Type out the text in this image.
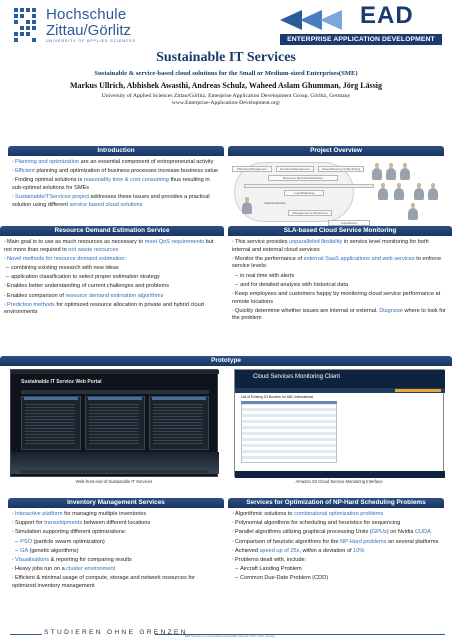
Hochschule
Zittau/Görlitz
UNIVERSITY OF APPLIED SCIENCES
EAD
ENTERPRISE APPLICATION DEVELOPMENT
Sustainable IT Services
Sustainable & service-based cloud solutions for the Small or Medium-sized Enterprises(SME)
Markus Ullrich, Abhishek Awasthi, Andreas Schulz, Waheed Aslam Ghumman, Jörg Lässig
University of Applied Sciences Zittau/Görlitz, Enterprise Application Development Group, Görlitz, Germany
www.Enterprise-Application-Development.org/
Introduction

◦ Planning and optimization are an essential component of entrepreneurial activity

◦ Efficient planning and optimization of business processes increase business value

◦ Finding optimal solutions is reasonably time & cost consuming thus resulting in sub-optimal solutions for SMEs

◦ SustainableITServices project addresses these issues and provides a practical solution using different service based cloud solutions

Project Overview
Planning Management	Demand Management	Cloud Planning & Monitoring
Resource Demand Estimation
Load Balancing
Management & Monitoring
Cloud-Architecture
Interactions
Resource Demand Estimation Service

◦ Main goal is to use as much resources as necessary to meet QoS requirements but not more than required to not waste resources

◦ Novel methods for resource demand estimation:

– combining existing research with new ideas

– application classification to select proper estimation strategy

◦ Enables better understanding of current challenges and problems

◦ Enables comparison of resource demand estimation algorithms

◦ Prediction methods for optimized resource allocation in private and hybrid cloud environments

SLA-based Cloud Service Monitoring

◦ This service provides unparalleled flexibility in service level monitoring for both internal and external cloud services

◦ Monitor the performance of external SaaS applications and web services to enforce service levels:

– in real time with alerts

– and for detailed analysis with historical data

◦ Keep employees and customers happy by monitoring cloud service performance at remote locations

◦ Quickly determine whether issues are internal or external. Diagnose where to look for the problem

Prototype
Sustainable IT Service Web Portal
Web-front-end of Sustainable IT Services
Cloud Services Monitoring Client
List of Existing S3 Buckets for ABC International
Amazon S3 Cloud Service Monitoring Interface
Inventory Management Services

◦ Interactive platform for managing multiple inventories

◦ Support for transshipments between different locations

◦ Simulation supporting different optimizations:

– PSO (particle swarm optimization)

– GA (genetic algorithms)

◦ Visualisations & reporting for comparing results

◦ Heavy jobs run on a cluster environment

◦ Efficient & minimal usage of compute, storage and network resources for optimized inventory management

Services for Optimization of NP-Hard Scheduling Problems

◦ Algorithmic solutions to combinatorial optimization problems

◦ Polynomial algorithms for scheduling and heuristics for sequencing

◦ Parallel algorithms utilizing graphical processing Units (GPUs) on Nvidia CUDA

◦ Comparison of heuristic algorithms for the NP-Hard problems on several platforms

◦ Achieved speed up of 25x, within a deviation of 10%

◦ Problems dealt with, include:

– Aircraft Landing Problem

– Common Due-Date Problem (CDD)

STUDIEREN OHNE GRENZEN
IEEE Symposium on Computational Sustainability, December 2013, Görlitz, Germany
